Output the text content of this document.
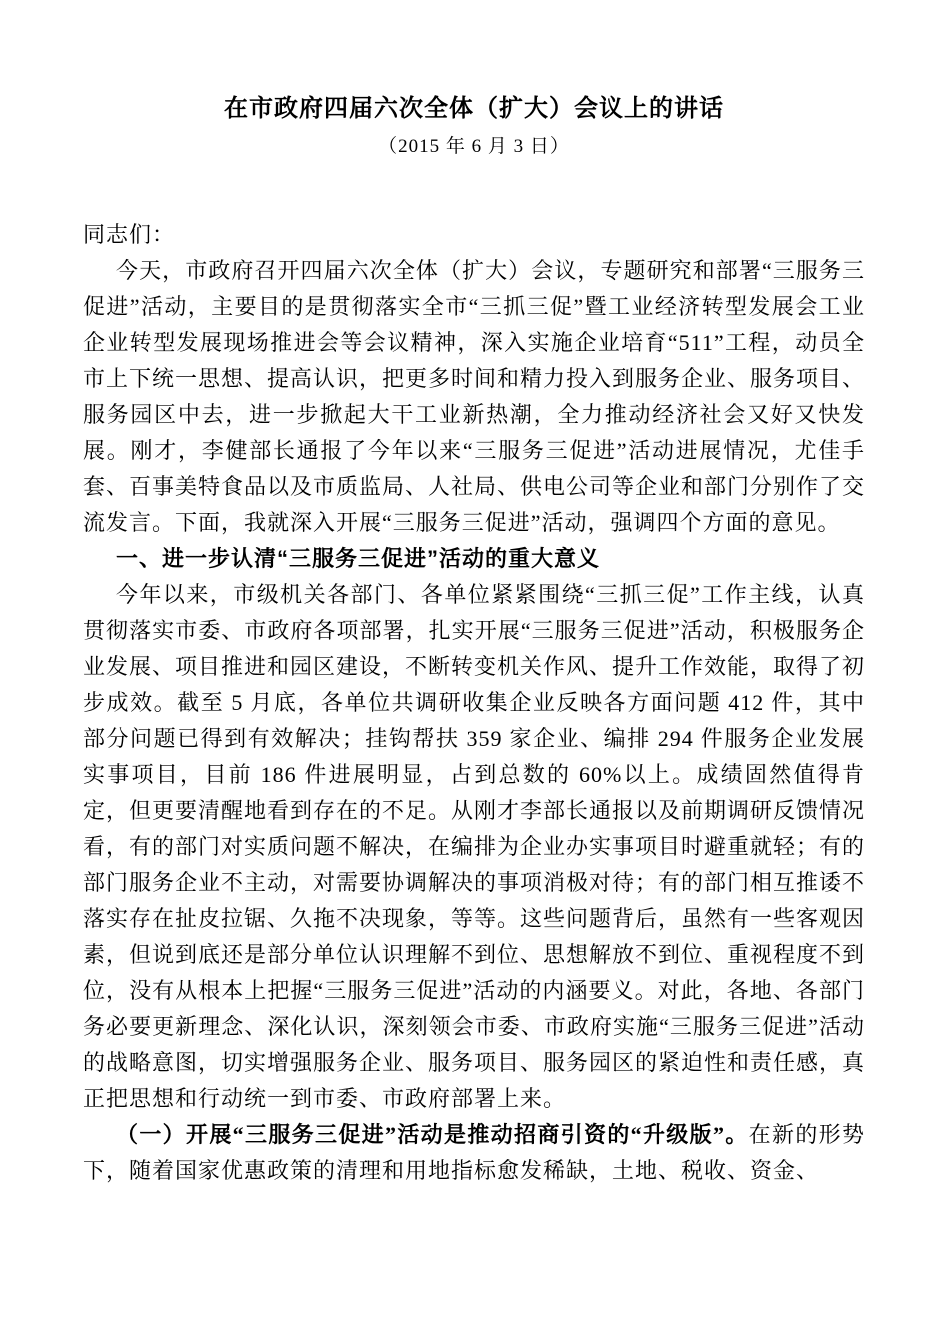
在市政府四届六次全体（扩大）会议上的讲话
（2015 年 6 月 3 日）

同志们：

今天，市政府召开四届六次全体（扩大）会议，专题研究和部署“三服务三促进”活动，主要目的是贯彻落实全市“三抓三促”暨工业经济转型发展会工业企业转型发展现场推进会等会议精神，深入实施企业培育“511”工程，动员全市上下统一思想、提高认识，把更多时间和精力投入到服务企业、服务项目、服务园区中去，进一步掀起大干工业新热潮，全力推动经济社会又好又快发展。刚才，李健部长通报了今年以来“三服务三促进”活动进展情况，尤佳手套、百事美特食品以及市质监局、人社局、供电公司等企业和部门分别作了交流发言。下面，我就深入开展“三服务三促进”活动，强调四个方面的意见。

一、进一步认清“三服务三促进”活动的重大意义

今年以来，市级机关各部门、各单位紧紧围绕“三抓三促”工作主线，认真贯彻落实市委、市政府各项部署，扎实开展“三服务三促进”活动，积极服务企业发展、项目推进和园区建设，不断转变机关作风、提升工作效能，取得了初步成效。截至 5 月底，各单位共调研收集企业反映各方面问题 412 件，其中部分问题已得到有效解决；挂钩帮扶 359 家企业、编排 294 件服务企业发展实事项目，目前 186 件进展明显，占到总数的 60%以上。成绩固然值得肯定，但更要清醒地看到存在的不足。从刚才李部长通报以及前期调研反馈情况看，有的部门对实质问题不解决，在编排为企业办实事项目时避重就轻；有的部门服务企业不主动，对需要协调解决的事项消极对待；有的部门相互推诿不落实存在扯皮拉锯、久拖不决现象，等等。这些问题背后，虽然有一些客观因素，但说到底还是部分单位认识理解不到位、思想解放不到位、重视程度不到位，没有从根本上把握“三服务三促进”活动的内涵要义。对此，各地、各部门务必要更新理念、深化认识，深刻领会市委、市政府实施“三服务三促进”活动的战略意图，切实增强服务企业、服务项目、服务园区的紧迫性和责任感，真正把思想和行动统一到市委、市政府部署上来。

（一）开展“三服务三促进”活动是推动招商引资的“升级版”。在新的形势下，随着国家优惠政策的清理和用地指标愈发稀缺，土地、税收、资金、
